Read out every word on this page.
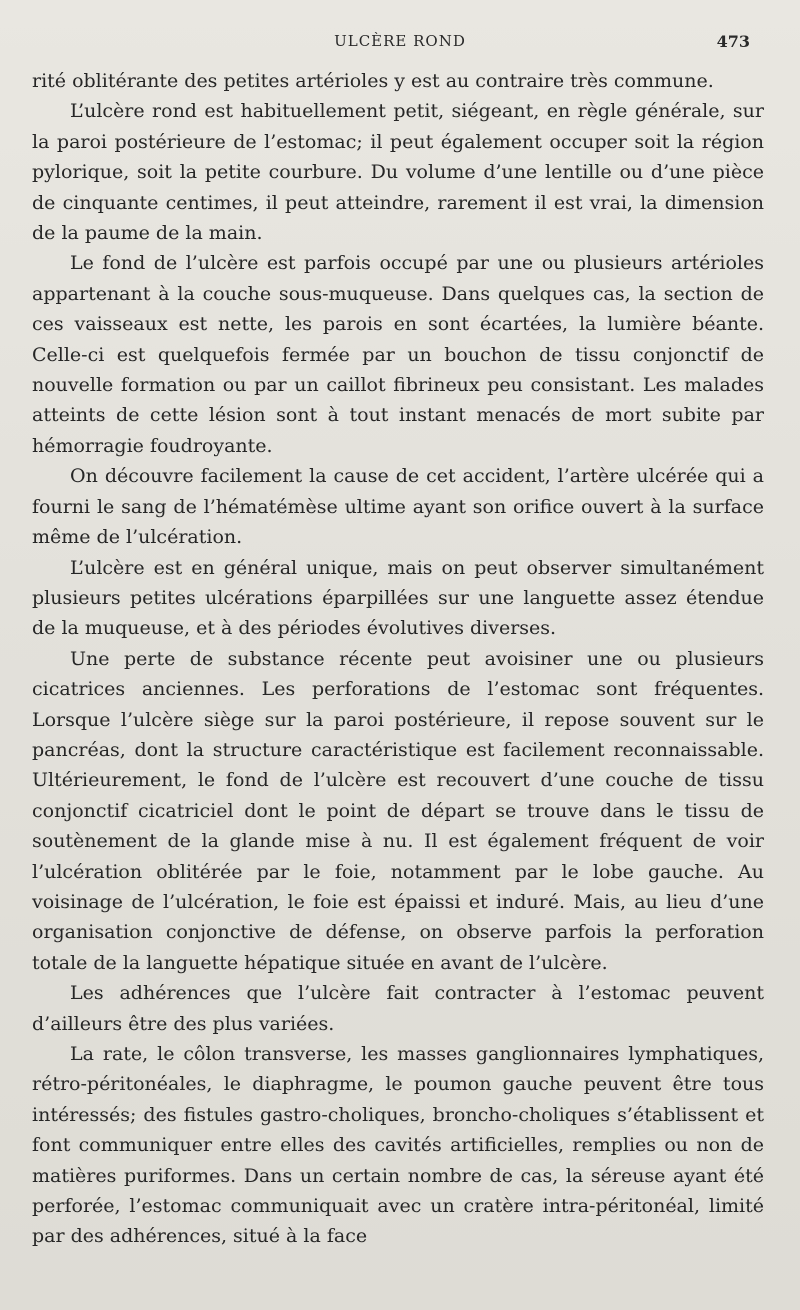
ULCÈRE ROND	473

rité oblitérante des petites artérioles y est au contraire très commune.

L’ulcère rond est habituellement petit, siégeant, en règle générale, sur la paroi postérieure de l’estomac; il peut également occuper soit la région pylorique, soit la petite courbure. Du volume d’une lentille ou d’une pièce de cinquante centimes, il peut atteindre, rarement il est vrai, la dimension de la paume de la main.

Le fond de l’ulcère est parfois occupé par une ou plusieurs artérioles appartenant à la couche sous-muqueuse. Dans quelques cas, la section de ces vaisseaux est nette, les parois en sont écartées, la lumière béante. Celle-ci est quelquefois fermée par un bouchon de tissu conjonctif de nouvelle formation ou par un caillot fibrineux peu consistant. Les malades atteints de cette lésion sont à tout instant menacés de mort subite par hémorragie foudroyante.

On découvre facilement la cause de cet accident, l’artère ulcérée qui a fourni le sang de l’hématémèse ultime ayant son orifice ouvert à la surface même de l’ulcération.

L’ulcère est en général unique, mais on peut observer simultanément plusieurs petites ulcérations éparpillées sur une languette assez étendue de la muqueuse, et à des périodes évolutives diverses.

Une perte de substance récente peut avoisiner une ou plusieurs cicatrices anciennes. Les perforations de l’estomac sont fréquentes. Lorsque l’ulcère siège sur la paroi postérieure, il repose souvent sur le pancréas, dont la structure caractéristique est facilement reconnaissable. Ultérieurement, le fond de l’ulcère est recouvert d’une couche de tissu conjonctif cicatriciel dont le point de départ se trouve dans le tissu de soutènement de la glande mise à nu. Il est également fréquent de voir l’ulcération oblitérée par le foie, notamment par le lobe gauche. Au voisinage de l’ulcération, le foie est épaissi et induré. Mais, au lieu d’une organisation conjonctive de défense, on observe parfois la perforation totale de la languette hépatique située en avant de l’ulcère.

Les adhérences que l’ulcère fait contracter à l’estomac peuvent d’ailleurs être des plus variées.

La rate, le côlon transverse, les masses ganglionnaires lymphatiques, rétro-péritonéales, le diaphragme, le poumon gauche peuvent être tous intéressés; des fistules gastro-choliques, broncho-choliques s’établissent et font communiquer entre elles des cavités artificielles, remplies ou non de matières puriformes. Dans un certain nombre de cas, la séreuse ayant été perforée, l’estomac communiquait avec un cratère intra-péritonéal, limité par des adhérences, situé à la face
